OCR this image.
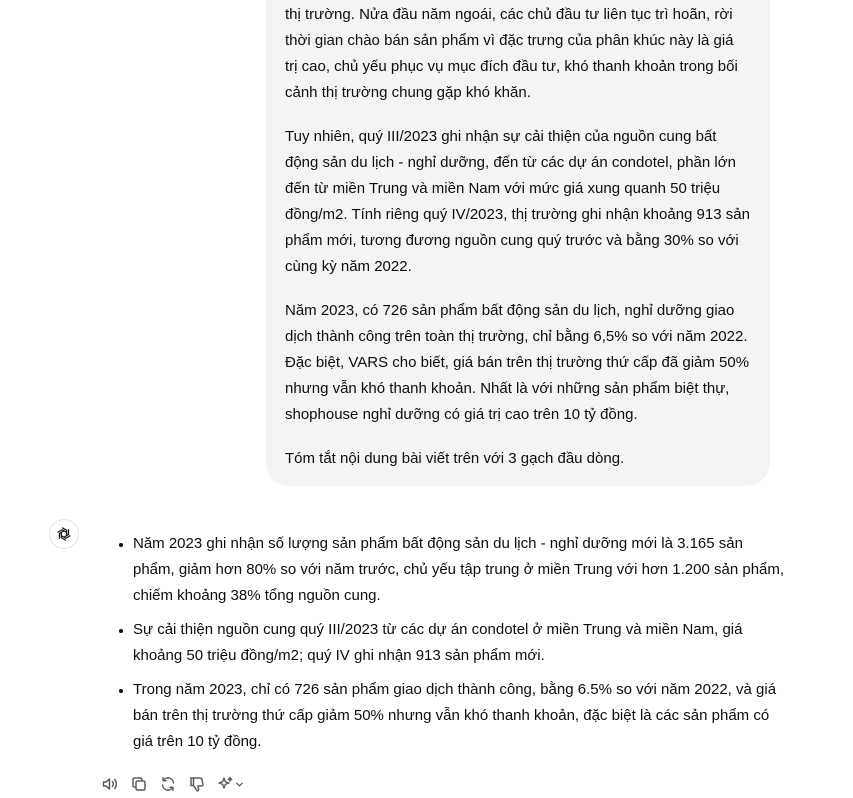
thị trường. Nửa đầu năm ngoái, các chủ đầu tư liên tục trì hoãn, rời thời gian chào bán sản phẩm vì đặc trưng của phân khúc này là giá trị cao, chủ yếu phục vụ mục đích đầu tư, khó thanh khoản trong bối cảnh thị trường chung gặp khó khăn.

Tuy nhiên, quý III/2023 ghi nhận sự cải thiện của nguồn cung bất động sản du lịch - nghỉ dưỡng, đến từ các dự án condotel, phần lớn đến từ miền Trung và miền Nam với mức giá xung quanh 50 triệu đồng/m2. Tính riêng quý IV/2023, thị trường ghi nhận khoảng 913 sản phẩm mới, tương đương nguồn cung quý trước và bằng 30% so với cùng kỳ năm 2022.

Năm 2023, có 726 sản phẩm bất động sản du lịch, nghỉ dưỡng giao dịch thành công trên toàn thị trường, chỉ bằng 6,5% so với năm 2022. Đặc biệt, VARS cho biết, giá bán trên thị trường thứ cấp đã giảm 50% nhưng vẫn khó thanh khoản. Nhất là với những sản phẩm biệt thự, shophouse nghỉ dưỡng có giá trị cao trên 10 tỷ đồng.

Tóm tắt nội dung bài viết trên với 3 gạch đầu dòng.

• Năm 2023 ghi nhận số lượng sản phẩm bất động sản du lịch - nghỉ dưỡng mới là 3.165 sản phẩm, giảm hơn 80% so với năm trước, chủ yếu tập trung ở miền Trung với hơn 1.200 sản phẩm, chiếm khoảng 38% tổng nguồn cung.
• Sự cải thiện nguồn cung quý III/2023 từ các dự án condotel ở miền Trung và miền Nam, giá khoảng 50 triệu đồng/m2; quý IV ghi nhận 913 sản phẩm mới.
• Trong năm 2023, chỉ có 726 sản phẩm giao dịch thành công, bằng 6.5% so với năm 2022, và giá bán trên thị trường thứ cấp giảm 50% nhưng vẫn khó thanh khoản, đặc biệt là các sản phẩm có giá trên 10 tỷ đồng.
